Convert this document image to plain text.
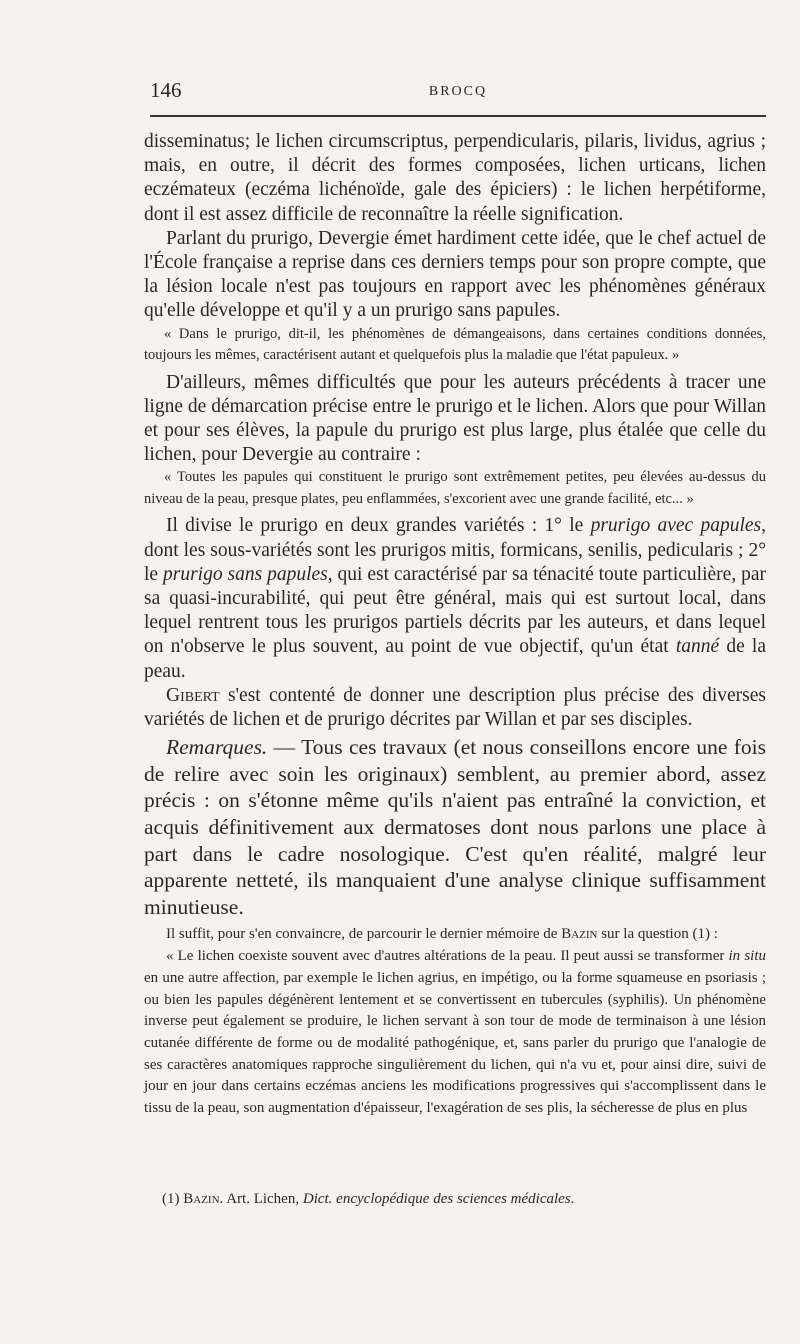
146	BROCQ

disseminatus; le lichen circumscriptus, perpendicularis, pilaris, lividus, agrius ; mais, en outre, il décrit des formes composées, lichen urticans, lichen eczémateux (eczéma lichénoïde, gale des épiciers) : le lichen herpétiforme, dont il est assez difficile de reconnaître la réelle signification.

Parlant du prurigo, Devergie émet hardiment cette idée, que le chef actuel de l'École française a reprise dans ces derniers temps pour son propre compte, que la lésion locale n'est pas toujours en rapport avec les phénomènes généraux qu'elle développe et qu'il y a un prurigo sans papules.

« Dans le prurigo, dit-il, les phénomènes de démangeaisons, dans certaines conditions données, toujours les mêmes, caractérisent autant et quelquefois plus la maladie que l'état papuleux. »

D'ailleurs, mêmes difficultés que pour les auteurs précédents à tracer une ligne de démarcation précise entre le prurigo et le lichen. Alors que pour Willan et pour ses élèves, la papule du prurigo est plus large, plus étalée que celle du lichen, pour Devergie au contraire :

« Toutes les papules qui constituent le prurigo sont extrêmement petites, peu élevées au-dessus du niveau de la peau, presque plates, peu enflammées, s'excorient avec une grande facilité, etc... »

Il divise le prurigo en deux grandes variétés : 1° le prurigo avec papules, dont les sous-variétés sont les prurigos mitis, formicans, senilis, pedicularis ; 2° le prurigo sans papules, qui est caractérisé par sa ténacité toute particulière, par sa quasi-incurabilité, qui peut être général, mais qui est surtout local, dans lequel rentrent tous les prurigos partiels décrits par les auteurs, et dans lequel on n'observe le plus souvent, au point de vue objectif, qu'un état tanné de la peau.

Gibert s'est contenté de donner une description plus précise des diverses variétés de lichen et de prurigo décrites par Willan et par ses disciples.

Remarques. — Tous ces travaux (et nous conseillons encore une fois de relire avec soin les originaux) semblent, au premier abord, assez précis : on s'étonne même qu'ils n'aient pas entraîné la conviction, et acquis définitivement aux dermatoses dont nous parlons une place à part dans le cadre nosologique. C'est qu'en réalité, malgré leur apparente netteté, ils manquaient d'une analyse clinique suffisamment minutieuse.

Il suffit, pour s'en convaincre, de parcourir le dernier mémoire de Bazin sur la question (1) :

« Le lichen coexiste souvent avec d'autres altérations de la peau. Il peut aussi se transformer in situ en une autre affection, par exemple le lichen agrius, en impétigo, ou la forme squameuse en psoriasis ; ou bien les papules dégénèrent lentement et se convertissent en tubercules (syphilis). Un phénomène inverse peut également se produire, le lichen servant à son tour de mode de terminaison à une lésion cutanée différente de forme ou de modalité pathogénique, et, sans parler du prurigo que l'analogie de ses caractères anatomiques rapproche singulièrement du lichen, qui n'a vu et, pour ainsi dire, suivi de jour en jour dans certains eczémas anciens les modifications progressives qui s'accomplissent dans le tissu de la peau, son augmentation d'épaisseur, l'exagération de ses plis, la sécheresse de plus en plus

(1) Bazin. Art. Lichen, Dict. encyclopédique des sciences médicales.
